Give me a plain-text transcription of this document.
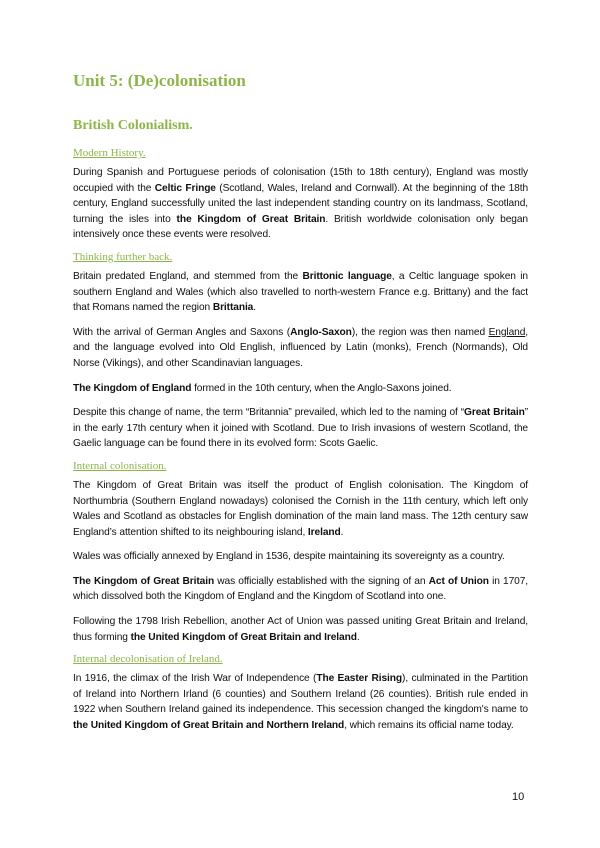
Unit 5: (De)colonisation
British Colonialism.
Modern History.

During Spanish and Portuguese periods of colonisation (15th to 18th century), England was mostly occupied with the Celtic Fringe (Scotland, Wales, Ireland and Cornwall). At the beginning of the 18th century, England successfully united the last independent standing country on its landmass, Scotland, turning the isles into the Kingdom of Great Britain. British worldwide colonisation only began intensively once these events were resolved.

Thinking further back.

Britain predated England, and stemmed from the Brittonic language, a Celtic language spoken in southern England and Wales (which also travelled to north-western France e.g. Brittany) and the fact that Romans named the region Brittania.

With the arrival of German Angles and Saxons (Anglo-Saxon), the region was then named England, and the language evolved into Old English, influenced by Latin (monks), French (Normands), Old Norse (Vikings), and other Scandinavian languages.

The Kingdom of England formed in the 10th century, when the Anglo-Saxons joined.

Despite this change of name, the term “Britannia” prevailed, which led to the naming of “Great Britain” in the early 17th century when it joined with Scotland. Due to Irish invasions of western Scotland, the Gaelic language can be found there in its evolved form: Scots Gaelic.

Internal colonisation.

The Kingdom of Great Britain was itself the product of English colonisation. The Kingdom of Northumbria (Southern England nowadays) colonised the Cornish in the 11th century, which left only Wales and Scotland as obstacles for English domination of the main land mass. The 12th century saw England’s attention shifted to its neighbouring island, Ireland.

Wales was officially annexed by England in 1536, despite maintaining its sovereignty as a country.

The Kingdom of Great Britain was officially established with the signing of an Act of Union in 1707, which dissolved both the Kingdom of England and the Kingdom of Scotland into one.

Following the 1798 Irish Rebellion, another Act of Union was passed uniting Great Britain and Ireland, thus forming the United Kingdom of Great Britain and Ireland.

Internal decolonisation of Ireland.

In 1916, the climax of the Irish War of Independence (The Easter Rising), culminated in the Partition of Ireland into Northern Irland (6 counties) and Southern Ireland (26 counties). British rule ended in 1922 when Southern Ireland gained its independence. This secession changed the kingdom's name to the United Kingdom of Great Britain and Northern Ireland, which remains its official name today.

10
